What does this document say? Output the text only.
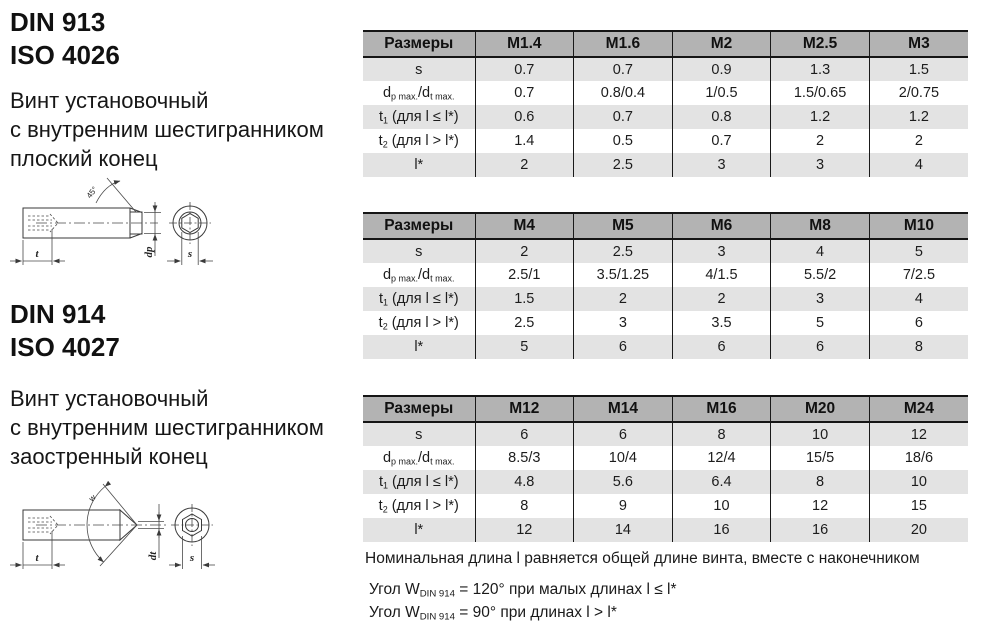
DIN 913
ISO 4026
Винт установочный
с внутренним шестигранником
плоский конец
45°
t	dp	s
DIN 914
ISO 4027
Винт установочный
с внутренним шестигранником
заостренный конец
w
t	dt	s
Размеры	M1.4	M1.6	M2	M2.5	M3
s	0.7	0.7	0.9	1.3	1.5
$d_{p max.}/d_{t max.}$	0.7	0.8/0.4	1/0.5	1.5/0.65	2/0.75
$t_1$ (для l ≤ l*)	0.6	0.7	0.8	1.2	1.2
$t_2$ (для l > l*)	1.4	0.5	0.7	2	2
l*	2	2.5	3	3	4
Размеры	M4	M5	M6	M8	M10
s	2	2.5	3	4	5
$d_{p max.}/d_{t max.}$	2.5/1	3.5/1.25	4/1.5	5.5/2	7/2.5
$t_1$ (для l ≤ l*)	1.5	2	2	3	4
$t_2$ (для l > l*)	2.5	3	3.5	5	6
l*	5	6	6	6	8
Размеры	M12	M14	M16	M20	M24
s	6	6	8	10	12
$d_{p max.}/d_{t max.}$	8.5/3	10/4	12/4	15/5	18/6
$t_1$ (для l ≤ l*)	4.8	5.6	6.4	8	10
$t_2$ (для l > l*)	8	9	10	12	15
l*	12	14	16	16	20
Номинальная длина l равняется общей длине винта, вместе с наконечником
Угол $W_{DIN 914} = 120^\circ$ при малых длинах l ≤ l*
Угол $W_{DIN 914} = 90^\circ$ при длинах l > l*
